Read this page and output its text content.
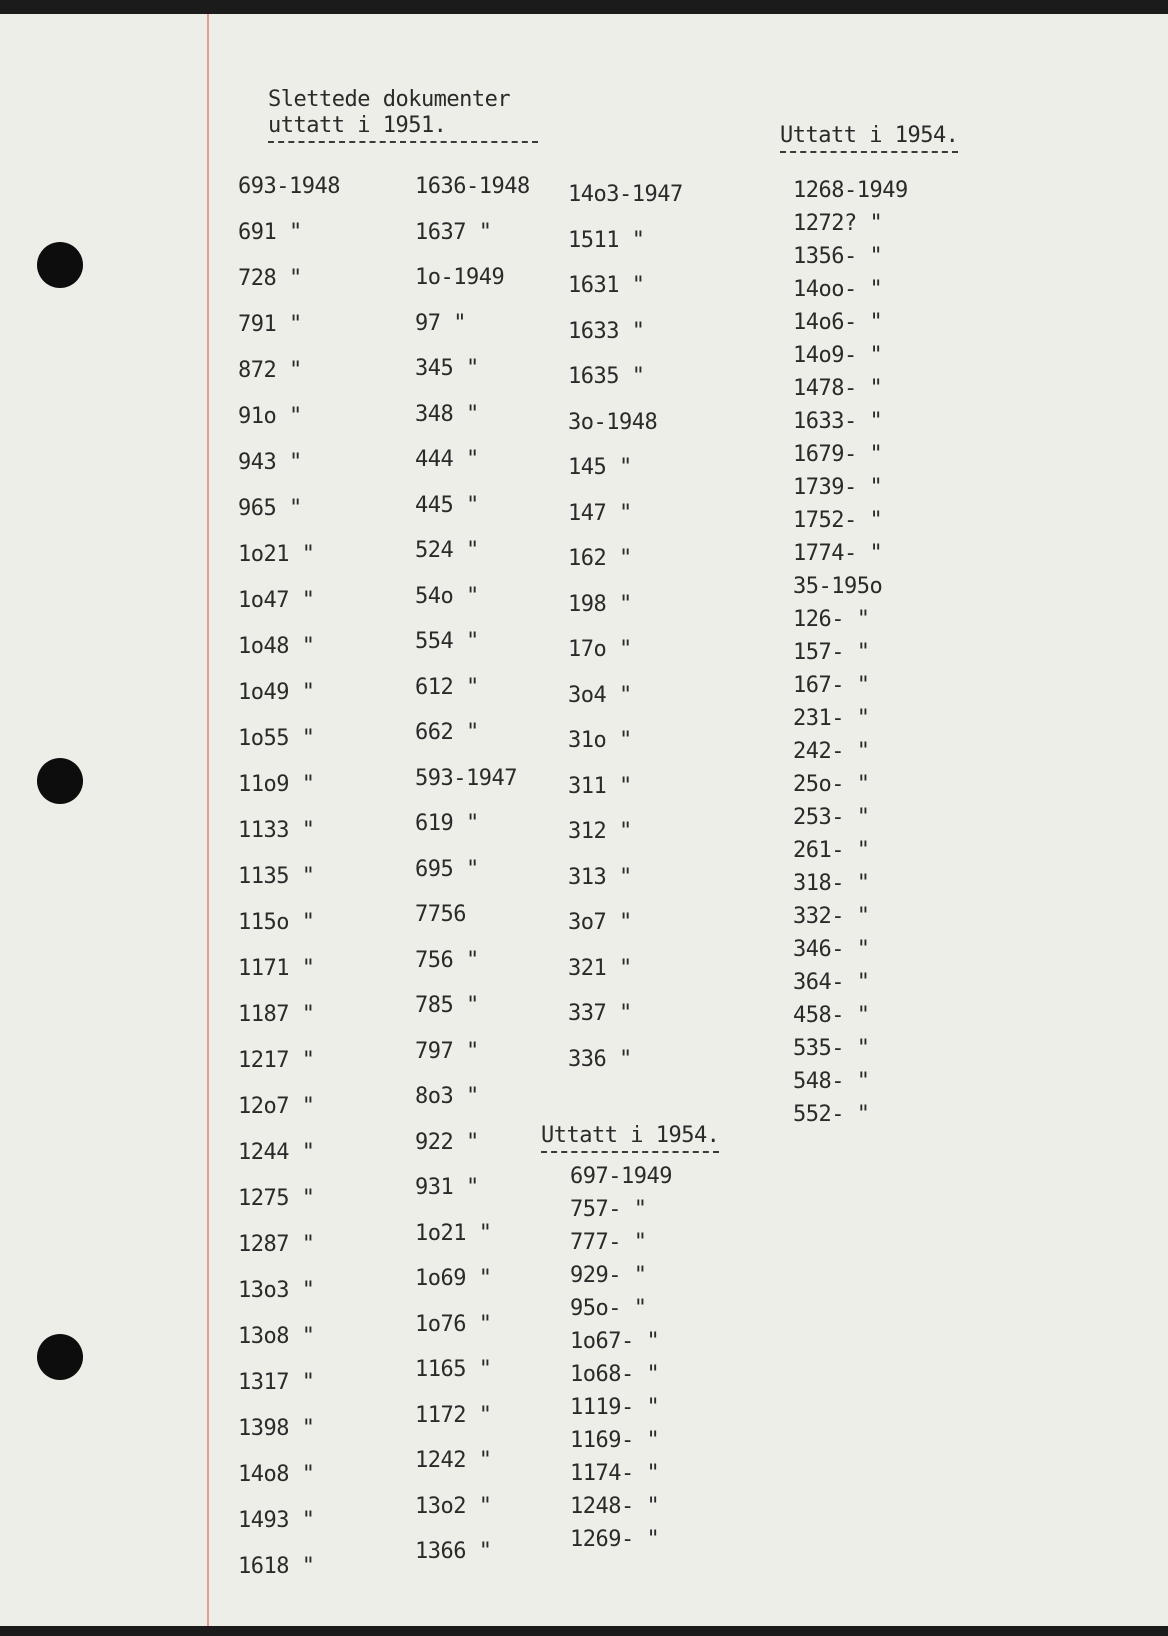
Slettede dokumenter
uttatt i 1951.	Uttatt i 1954.
Uttatt i 1954.
693-1948
691 "
728 "
791 "
872 "
91o "
943 "
965 "
1o21 "
1o47 "
1o48 "
1o49 "
1o55 "
11o9 "
1133 "
1135 "
115o "
1171 "
1187 "
1217 "
12o7 "
1244 "
1275 "
1287 "
13o3 "
13o8 "
1317 "
1398 "
14o8 "
1493 "
1618 "
1636-1948
1637 "
1o-1949
97 "
345 "
348 "
444 "
445 "
524 "
54o "
554 "
612 "
662 "
593-1947
619 "
695 "
7756
756 "
785 "
797 "
8o3 "
922 "
931 "
1o21 "
1o69 "
1o76 "
1165 "
1172 "
1242 "
13o2 "
1366 "
14o3-1947
1511 "
1631 "
1633 "
1635 "
3o-1948
145 "
147 "
162 "
198 "
17o "
3o4 "
31o "
311 "
312 "
313 "
3o7 "
321 "
337 "
336 "
697-1949
757- "
777- "
929- "
95o- "
1o67- "
1o68- "
1119- "
1169- "
1174- "
1248- "
1269- "
1268-1949
1272? "
1356- "
14oo- "
14o6- "
14o9- "
1478- "
1633- "
1679- "
1739- "
1752- "
1774- "
35-195o
126- "
157- "
167- "
231- "
242- "
25o- "
253- "
261- "
318- "
332- "
346- "
364- "
458- "
535- "
548- "
552- "
